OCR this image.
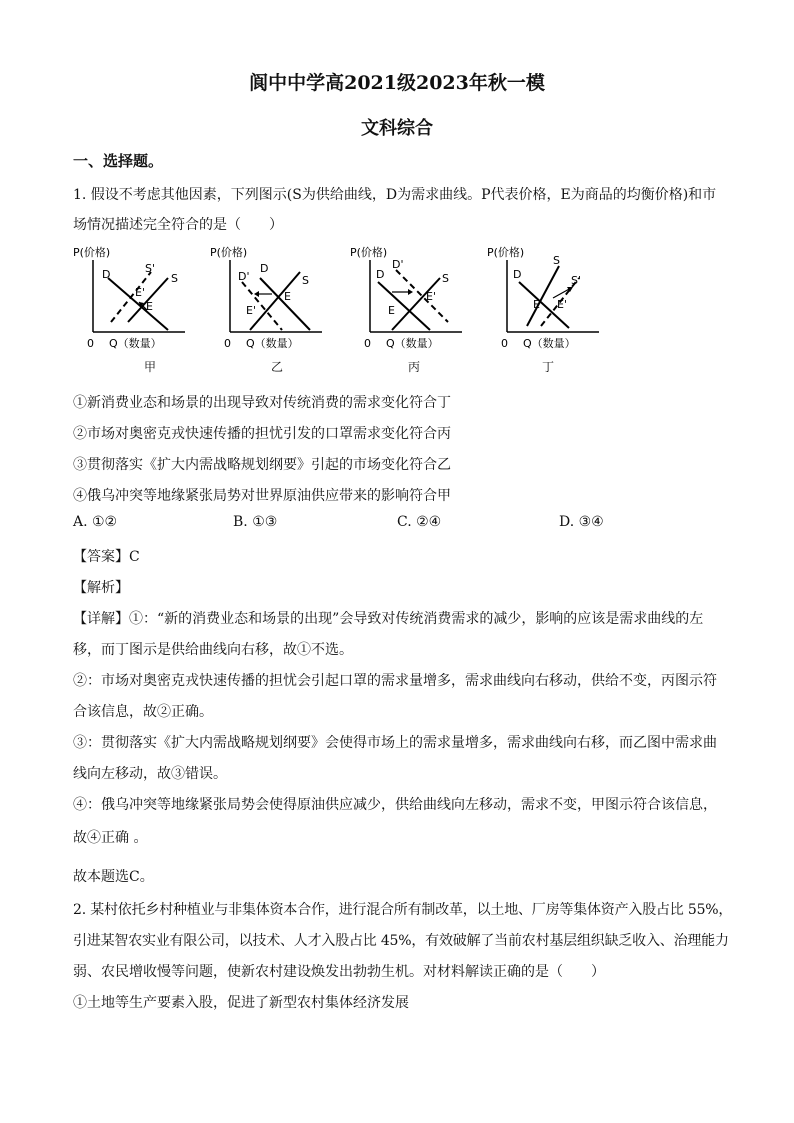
阆中中学高2021级2023年秋一模
文科综合
一、选择题。
1. 假设不考虑其他因素，下列图示(S为供给曲线，D为需求曲线。P代表价格，E为商品的均衡价格)和市
场情况描述完全符合的是（　　）
P(价格)
0 Q（数量）
D	S
S'
E
E'
P(价格)
0 Q（数量）
D
D'	S
E
E'
P(价格)
0 Q（数量）
D
D'
S
E
E'
P(价格)
0 Q（数量）
D
S
S'
E E'
甲	乙	丙	丁
①新消费业态和场景的出现导致对传统消费的需求变化符合丁
②市场对奥密克戎快速传播的担忧引发的口罩需求变化符合丙
③贯彻落实《扩大内需战略规划纲要》引起的市场变化符合乙
④俄乌冲突等地缘紧张局势对世界原油供应带来的影响符合甲
A. ①②	B. ①③	C. ②④	D. ③④
【答案】C
【解析】
【详解】①：“新的消费业态和场景的出现”会导致对传统消费需求的减少，影响的应该是需求曲线的左
移，而丁图示是供给曲线向右移，故①不选。
②：市场对奥密克戎快速传播的担忧会引起口罩的需求量增多，需求曲线向右移动，供给不变，丙图示符
合该信息，故②正确。
③：贯彻落实《扩大内需战略规划纲要》会使得市场上的需求量增多，需求曲线向右移，而乙图中需求曲
线向左移动，故③错误。
④：俄乌冲突等地缘紧张局势会使得原油供应减少，供给曲线向左移动，需求不变，甲图示符合该信息，
故④正确 。
故本题选C。
2. 某村依托乡村种植业与非集体资本合作，进行混合所有制改革，以土地、厂房等集体资产入股占比 55%，
引进某智农实业有限公司，以技术、人才入股占比 45%，有效破解了当前农村基层组织缺乏收入、治理能力
弱、农民增收慢等问题，使新农村建设焕发出勃勃生机。对材料解读正确的是（　　）
①土地等生产要素入股，促进了新型农村集体经济发展
